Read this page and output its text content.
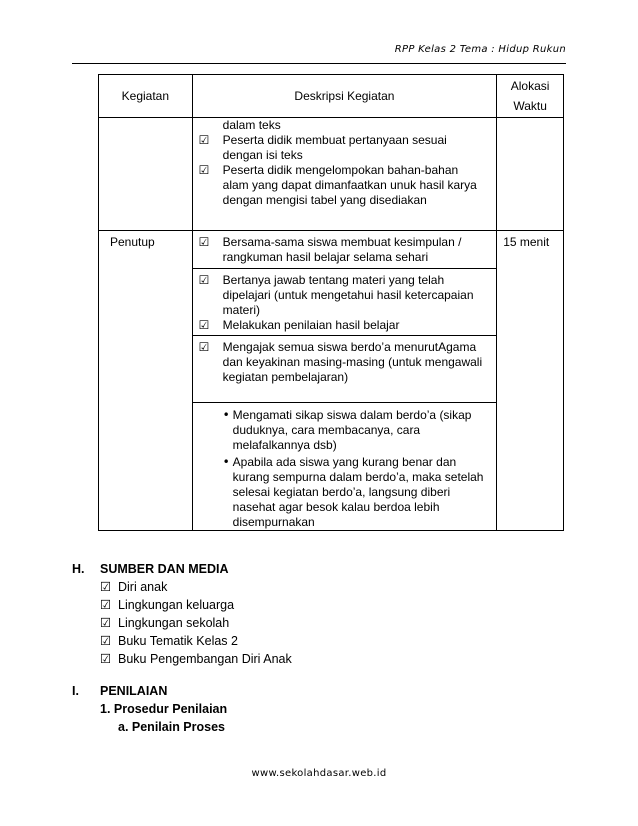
RPP Kelas 2 Tema : Hidup Rukun
Kegiatan	Deskripsi Kegiatan	Alokasi
Waktu

	dalam teks
☑ Peserta didik membuat pertanyaan sesuai dengan isi teks
☑ Peserta didik mengelompokan bahan-bahan alam yang dapat dimanfaatkan unuk hasil karya dengan mengisi tabel yang disediakan	

Penutup	☑ Bersama-sama siswa membuat kesimpulan / rangkuman hasil belajar selama sehari	15 menit

	☑ Bertanya jawab tentang materi yang telah dipelajari (untuk mengetahui hasil ketercapaian materi)
☑ Melakukan penilaian hasil belajar	

	☑ Mengajak semua siswa berdo’a menurutAgama dan keyakinan masing-masing (untuk mengawali kegiatan pembelajaran)	

	• Mengamati sikap siswa dalam berdo’a (sikap duduknya, cara membacanya, cara melafalkannya dsb)
• Apabila ada siswa yang kurang benar dan kurang sempurna dalam berdo’a, maka setelah selesai kegiatan berdo’a, langsung diberi nasehat agar besok kalau berdoa lebih disempurnakan	
H.	SUMBER DAN MEDIA
☑ Diri anak
☑ Lingkungan keluarga
☑ Lingkungan sekolah
☑ Buku Tematik Kelas 2
☑ Buku Pengembangan Diri Anak
I.	PENILAIAN
1. Prosedur Penilaian
a. Penilain Proses
www.sekolahdasar.web.id
